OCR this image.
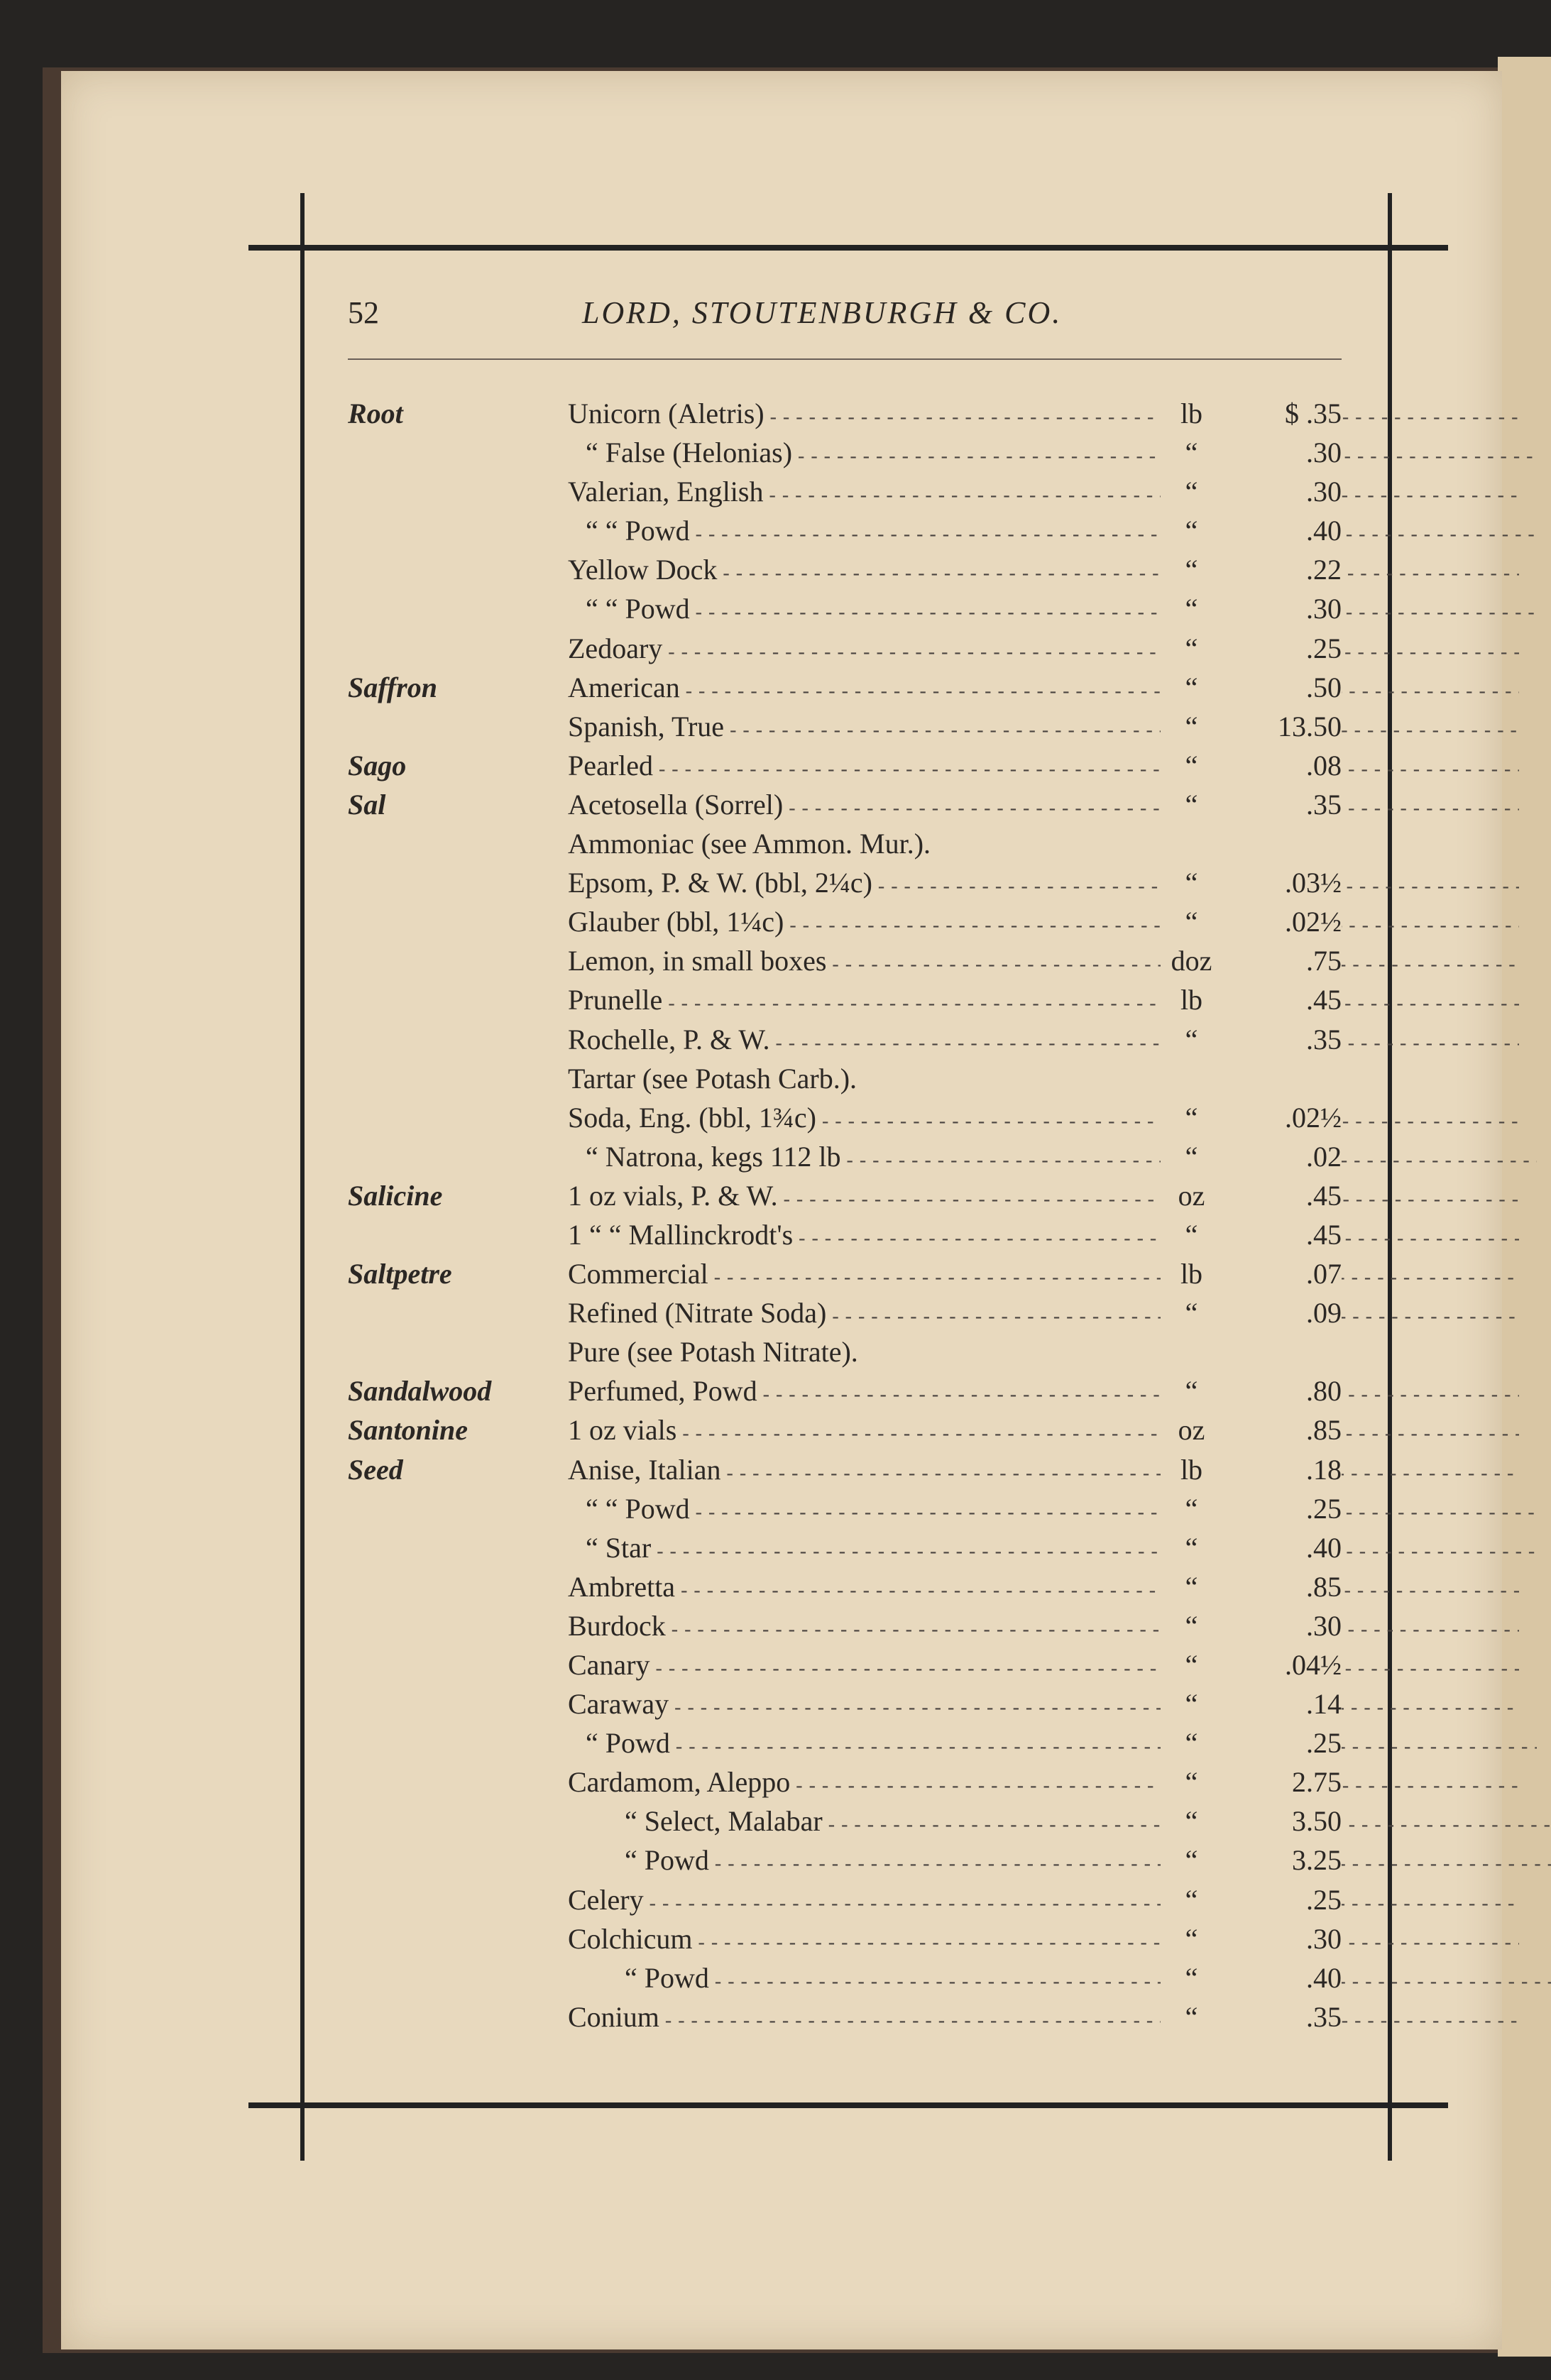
52	LORD, STOUTENBURGH & CO.
Root	Unicorn (Aletris) - - -	lb	$ .35
“ False (Helonias) - - -	“	.30
Valerian, English - - -	“	.30
“ “ Powd - - -	“	.40
Yellow Dock - - -	“	.22
“ “ Powd - - -	“	.30
Zedoary - - -	“	.25
Saffron	American - - -	“	.50
Spanish, True - - -	“	13.50
Sago	Pearled - - -	“	.08
Sal	Acetosella (Sorrel) - - -	“	.35
Ammoniac (see Ammon. Mur.).
Epsom, P. & W. (bbl, 2¼c) - - -	“	.03½
Glauber (bbl, 1¼c) - - -	“	.02½
Lemon, in small boxes - - -	doz	.75
Prunelle - - -	lb	.45
Rochelle, P. & W. - - -	“	.35
Tartar (see Potash Carb.).
Soda, Eng. (bbl, 1¾c) - - -	“	.02½
“ Natrona, kegs 112 lb - - -	“	.02
Salicine	1 oz vials, P. & W. - - -	oz	.45
1 “ “ Mallinckrodt's - - -	“	.45
Saltpetre	Commercial - - -	lb	.07
Refined (Nitrate Soda) - - -	“	.09
Pure (see Potash Nitrate).
Sandalwood	Perfumed, Powd - - -	“	.80
Santonine	1 oz vials - - -	oz	.85
Seed	Anise, Italian - - -	lb	.18
“ “ Powd - - -	“	.25
“ Star - - -	“	.40
Ambretta - - -	“	.85
Burdock - - -	“	.30
Canary - - -	“	.04½
Caraway - - -	“	.14
“ Powd - - -	“	.25
Cardamom, Aleppo - - -	“	2.75
“ Select, Malabar - - -	“	3.50
“ Powd - - -	“	3.25
Celery - - -	“	.25
Colchicum - - -	“	.30
“ Powd - - -	“	.40
Conium - - -	“	.35
